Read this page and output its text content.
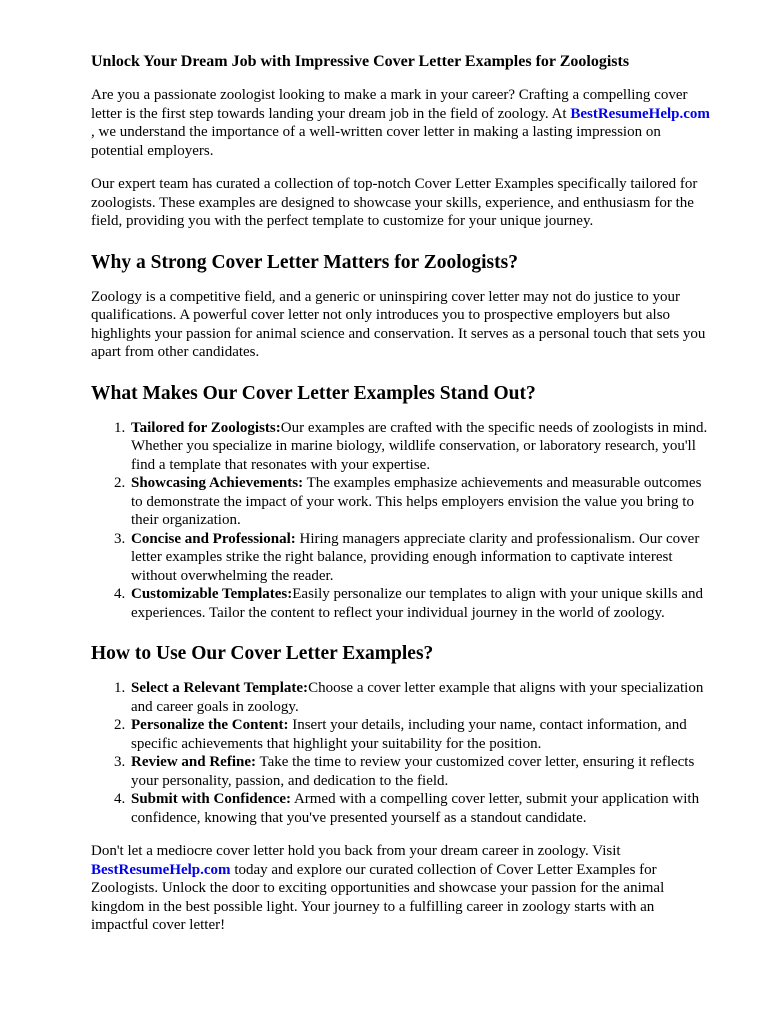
Unlock Your Dream Job with Impressive Cover Letter Examples for Zoologists

Are you a passionate zoologist looking to make a mark in your career? Crafting a compelling cover letter is the first step towards landing your dream job in the field of zoology. At BestResumeHelp.com , we understand the importance of a well-written cover letter in making a lasting impression on potential employers.

Our expert team has curated a collection of top-notch Cover Letter Examples specifically tailored for zoologists. These examples are designed to showcase your skills, experience, and enthusiasm for the field, providing you with the perfect template to customize for your unique journey.

Why a Strong Cover Letter Matters for Zoologists?

Zoology is a competitive field, and a generic or uninspiring cover letter may not do justice to your qualifications. A powerful cover letter not only introduces you to prospective employers but also highlights your passion for animal science and conservation. It serves as a personal touch that sets you apart from other candidates.

What Makes Our Cover Letter Examples Stand Out?
1. Tailored for Zoologists:Our examples are crafted with the specific needs of zoologists in mind. Whether you specialize in marine biology, wildlife conservation, or laboratory research, you'll find a template that resonates with your expertise.
2. Showcasing Achievements: The examples emphasize achievements and measurable outcomes to demonstrate the impact of your work. This helps employers envision the value you bring to their organization.
3. Concise and Professional: Hiring managers appreciate clarity and professionalism. Our cover letter examples strike the right balance, providing enough information to captivate interest without overwhelming the reader.
4. Customizable Templates:Easily personalize our templates to align with your unique skills and experiences. Tailor the content to reflect your individual journey in the world of zoology.
How to Use Our Cover Letter Examples?
1. Select a Relevant Template:Choose a cover letter example that aligns with your specialization and career goals in zoology.
2. Personalize the Content: Insert your details, including your name, contact information, and specific achievements that highlight your suitability for the position.
3. Review and Refine: Take the time to review your customized cover letter, ensuring it reflects your personality, passion, and dedication to the field.
4. Submit with Confidence: Armed with a compelling cover letter, submit your application with confidence, knowing that you've presented yourself as a standout candidate.

Don't let a mediocre cover letter hold you back from your dream career in zoology. Visit BestResumeHelp.com today and explore our curated collection of Cover Letter Examples for Zoologists. Unlock the door to exciting opportunities and showcase your passion for the animal kingdom in the best possible light. Your journey to a fulfilling career in zoology starts with an impactful cover letter!
